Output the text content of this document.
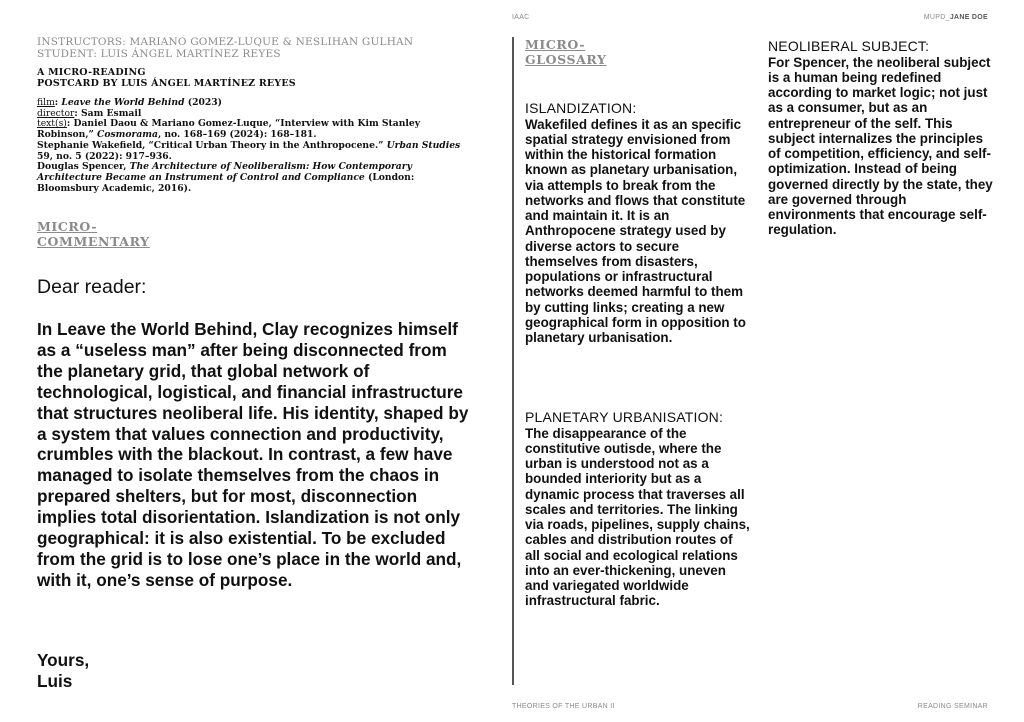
IAAC	MUPD_JANE DOE
INSTRUCTORS: MARIANO GOMEZ-LUQUE & NESLIHAN GULHAN
STUDENT: LUIS ÁNGEL MARTÍNEZ REYES
A MICRO-READING
POSTCARD BY LUIS ÁNGEL MARTÍNEZ REYES
film: Leave the World Behind (2023)
director: Sam Esmail
text(s): Daniel Daou & Mariano Gomez-Luque, “Interview with Kim Stanley Robinson,” Cosmorama, no. 168–169 (2024): 168–181.
Stephanie Wakefield, “Critical Urban Theory in the Anthropocene.” Urban Studies 59, no. 5 (2022): 917–936.
Douglas Spencer, The Architecture of Neoliberalism: How Contemporary Architecture Became an Instrument of Control and Compliance (London: Bloomsbury Academic, 2016).
MICRO-
COMMENTARY
Dear reader:
In Leave the World Behind, Clay recognizes himself as a “useless man” after being disconnected from the planetary grid, that global network of technological, logistical, and financial infrastructure that structures neoliberal life. His identity, shaped by a system that values connection and productivity, crumbles with the blackout. In contrast, a few have managed to isolate themselves from the chaos in prepared shelters, but for most, disconnection implies total disorientation. Islandization is not only geographical: it is also existential. To be excluded from the grid is to lose one’s place in the world and, with it, one’s sense of purpose.
Yours,
Luis
MICRO-
GLOSSARY
ISLANDIZATION:
Wakefiled defines it as an specific spatial strategy envisioned from within the historical formation known as planetary urbanisation, via attempls to break from the networks and flows that constitute and maintain it. It is an Anthropocene strategy used by diverse actors to secure themselves from disasters, populations or infrastructural networks deemed harmful to them by cutting links; creating a new geographical form in opposition to planetary urbanisation.
PLANETARY URBANISATION:
The disappearance of the constitutive outisde, where the urban is understood not as a bounded interiority but as a dynamic process that traverses all scales and territories. The linking via roads, pipelines, supply chains, cables and distribution routes of all social and ecological relations into an ever-thickening, uneven and variegated worldwide infrastructural fabric.
NEOLIBERAL SUBJECT:
For Spencer, the neoliberal subject is a human being redefined according to market logic; not just as a consumer, but as an entrepreneur of the self. This subject internalizes the principles of competition, efficiency, and self-optimization. Instead of being governed directly by the state, they are governed through environments that encourage self-regulation.
THEORIES OF THE URBAN II	READING SEMINAR
